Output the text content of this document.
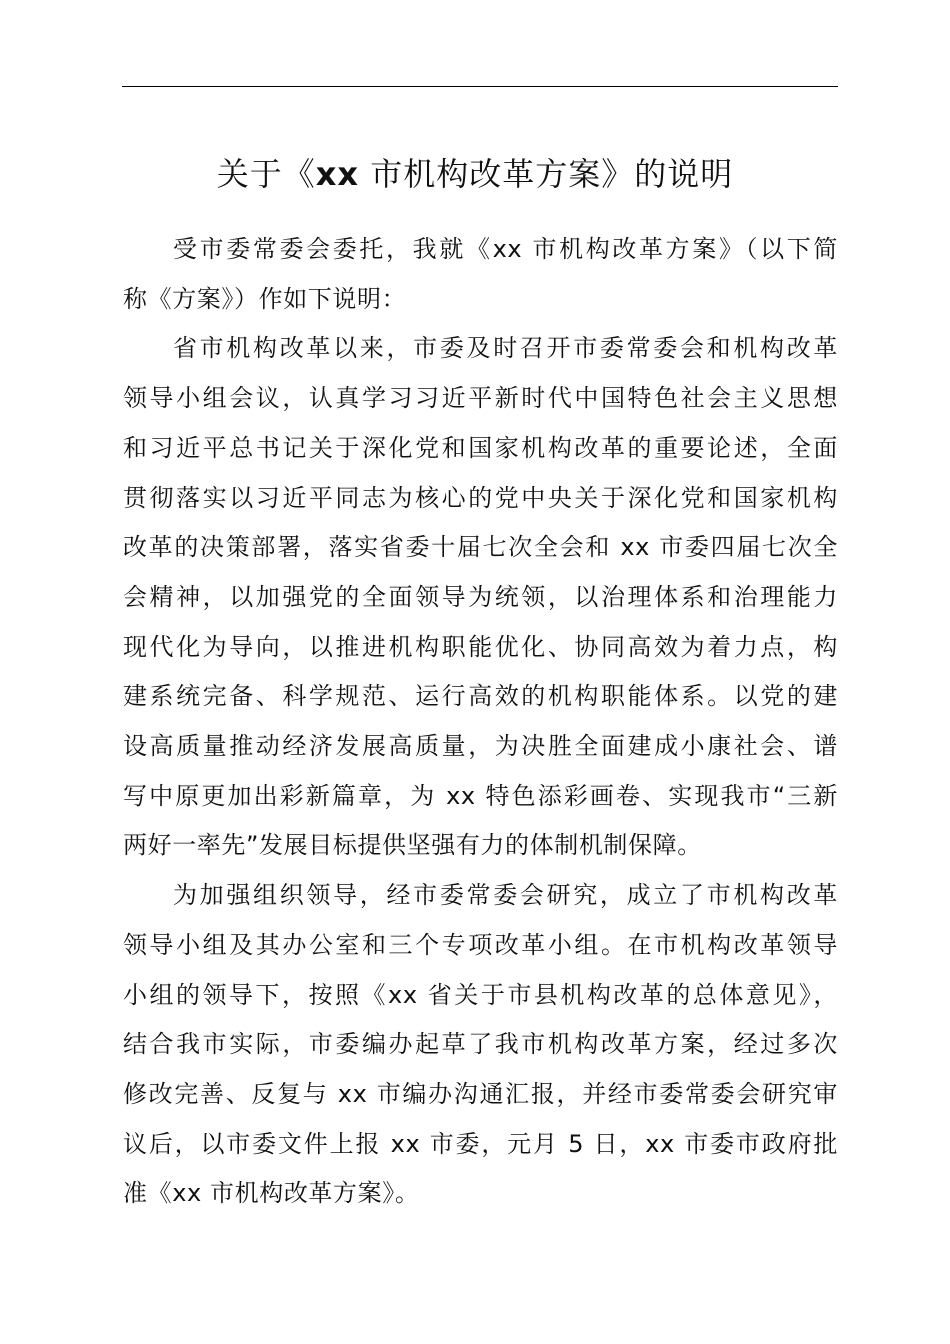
关于《xx 市机构改革方案》的说明
受市委常委会委托，我就《xx 市机构改革方案》（以下简
称《方案》）作如下说明：
省市机构改革以来，市委及时召开市委常委会和机构改革
领导小组会议，认真学习习近平新时代中国特色社会主义思想
和习近平总书记关于深化党和国家机构改革的重要论述，全面
贯彻落实以习近平同志为核心的党中央关于深化党和国家机构
改革的决策部署，落实省委十届七次全会和 xx 市委四届七次全
会精神，以加强党的全面领导为统领，以治理体系和治理能力
现代化为导向，以推进机构职能优化、协同高效为着力点，构
建系统完备、科学规范、运行高效的机构职能体系。以党的建
设高质量推动经济发展高质量，为决胜全面建成小康社会、谱
写中原更加出彩新篇章，为 xx 特色添彩画卷、实现我市“三新
两好一率先”发展目标提供坚强有力的体制机制保障。
为加强组织领导，经市委常委会研究，成立了市机构改革
领导小组及其办公室和三个专项改革小组。在市机构改革领导
小组的领导下，按照《xx 省关于市县机构改革的总体意见》，
结合我市实际，市委编办起草了我市机构改革方案，经过多次
修改完善、反复与 xx 市编办沟通汇报，并经市委常委会研究审
议后，以市委文件上报 xx 市委，元月 5 日，xx 市委市政府批
准《xx 市机构改革方案》。
